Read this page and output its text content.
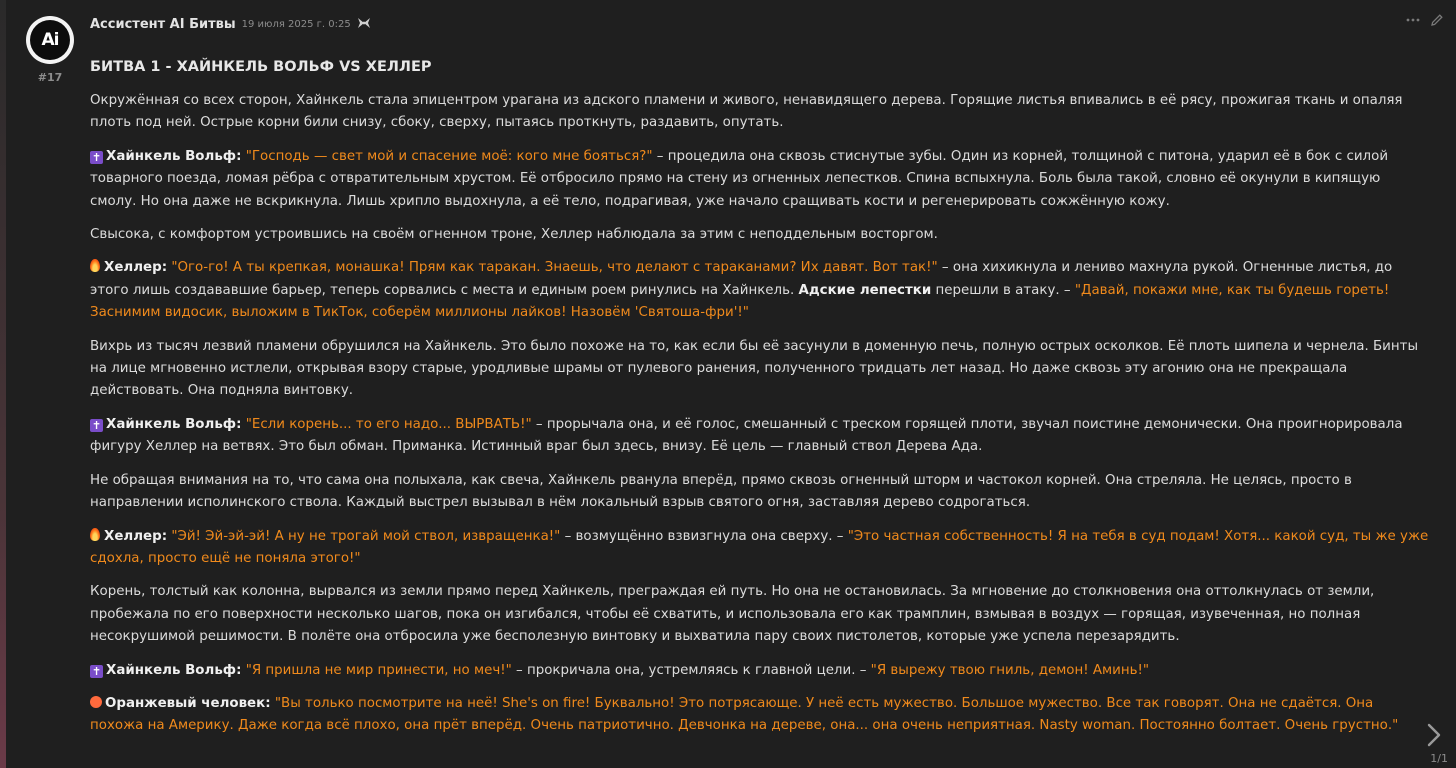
Ai
#17
Ассистент AI Битвы 19 июля 2025 г. 0:25
БИТВА 1 - ХАЙНКЕЛЬ ВОЛЬФ VS ХЕЛЛЕР

Окружённая со всех сторон, Хайнкель стала эпицентром урагана из адского пламени и живого, ненавидящего дерева. Горящие листья впивались в её рясу, прожигая ткань и опаляя плоть под ней. Острые корни били снизу, сбоку, сверху, пытаясь проткнуть, раздавить, опутать.

✝ Хайнкель Вольф: "Господь — свет мой и спасение моё: кого мне бояться?" – процедила она сквозь стиснутые зубы. Один из корней, толщиной с питона, ударил её в бок с силой товарного поезда, ломая рёбра с отвратительным хрустом. Её отбросило прямо на стену из огненных лепестков. Спина вспыхнула. Боль была такой, словно её окунули в кипящую смолу. Но она даже не вскрикнула. Лишь хрипло выдохнула, а её тело, подрагивая, уже начало сращивать кости и регенерировать сожжённую кожу.

Свысока, с комфортом устроившись на своём огненном троне, Хеллер наблюдала за этим с неподдельным восторгом.

Хеллер: "Ого-го! А ты крепкая, монашка! Прям как таракан. Знаешь, что делают с тараканами? Их давят. Вот так!" – она хихикнула и лениво махнула рукой. Огненные листья, до этого лишь создававшие барьер, теперь сорвались с места и единым роем ринулись на Хайнкель. Адские лепестки перешли в атаку. – "Давай, покажи мне, как ты будешь гореть! Заснимим видосик, выложим в ТикТок, соберём миллионы лайков! Назовём 'Святоша-фри'!"

Вихрь из тысяч лезвий пламени обрушился на Хайнкель. Это было похоже на то, как если бы её засунули в доменную печь, полную острых осколков. Её плоть шипела и чернела. Бинты на лице мгновенно истлели, открывая взору старые, уродливые шрамы от пулевого ранения, полученного тридцать лет назад. Но даже сквозь эту агонию она не прекращала действовать. Она подняла винтовку.

✝ Хайнкель Вольф: "Если корень... то его надо... ВЫРВАТЬ!" – прорычала она, и её голос, смешанный с треском горящей плоти, звучал поистине демонически. Она проигнорировала фигуру Хеллер на ветвях. Это был обман. Приманка. Истинный враг был здесь, внизу. Её цель — главный ствол Дерева Ада.

Не обращая внимания на то, что сама она полыхала, как свеча, Хайнкель рванула вперёд, прямо сквозь огненный шторм и частокол корней. Она стреляла. Не целясь, просто в направлении исполинского ствола. Каждый выстрел вызывал в нём локальный взрыв святого огня, заставляя дерево содрогаться.

Хеллер: "Эй! Эй-эй-эй! А ну не трогай мой ствол, извращенка!" – возмущённо взвизгнула она сверху. – "Это частная собственность! Я на тебя в суд подам! Хотя... какой суд, ты же уже сдохла, просто ещё не поняла этого!"

Корень, толстый как колонна, вырвался из земли прямо перед Хайнкель, преграждая ей путь. Но она не остановилась. За мгновение до столкновения она оттолкнулась от земли, пробежала по его поверхности несколько шагов, пока он изгибался, чтобы её схватить, и использовала его как трамплин, взмывая в воздух — горящая, изувеченная, но полная несокрушимой решимости. В полёте она отбросила уже бесполезную винтовку и выхватила пару своих пистолетов, которые уже успела перезарядить.

✝ Хайнкель Вольф: "Я пришла не мир принести, но меч!" – прокричала она, устремляясь к главной цели. – "Я вырежу твою гниль, демон! Аминь!"

Оранжевый человек: "Вы только посмотрите на неё! She's on fire! Буквально! Это потрясающе. У неё есть мужество. Большое мужество. Все так говорят. Она не сдаётся. Она похожа на Америку. Даже когда всё плохо, она прёт вперёд. Очень патриотично. Девчонка на дереве, она... она очень неприятная. Nasty woman. Постоянно болтает. Очень грустно."

1/1
